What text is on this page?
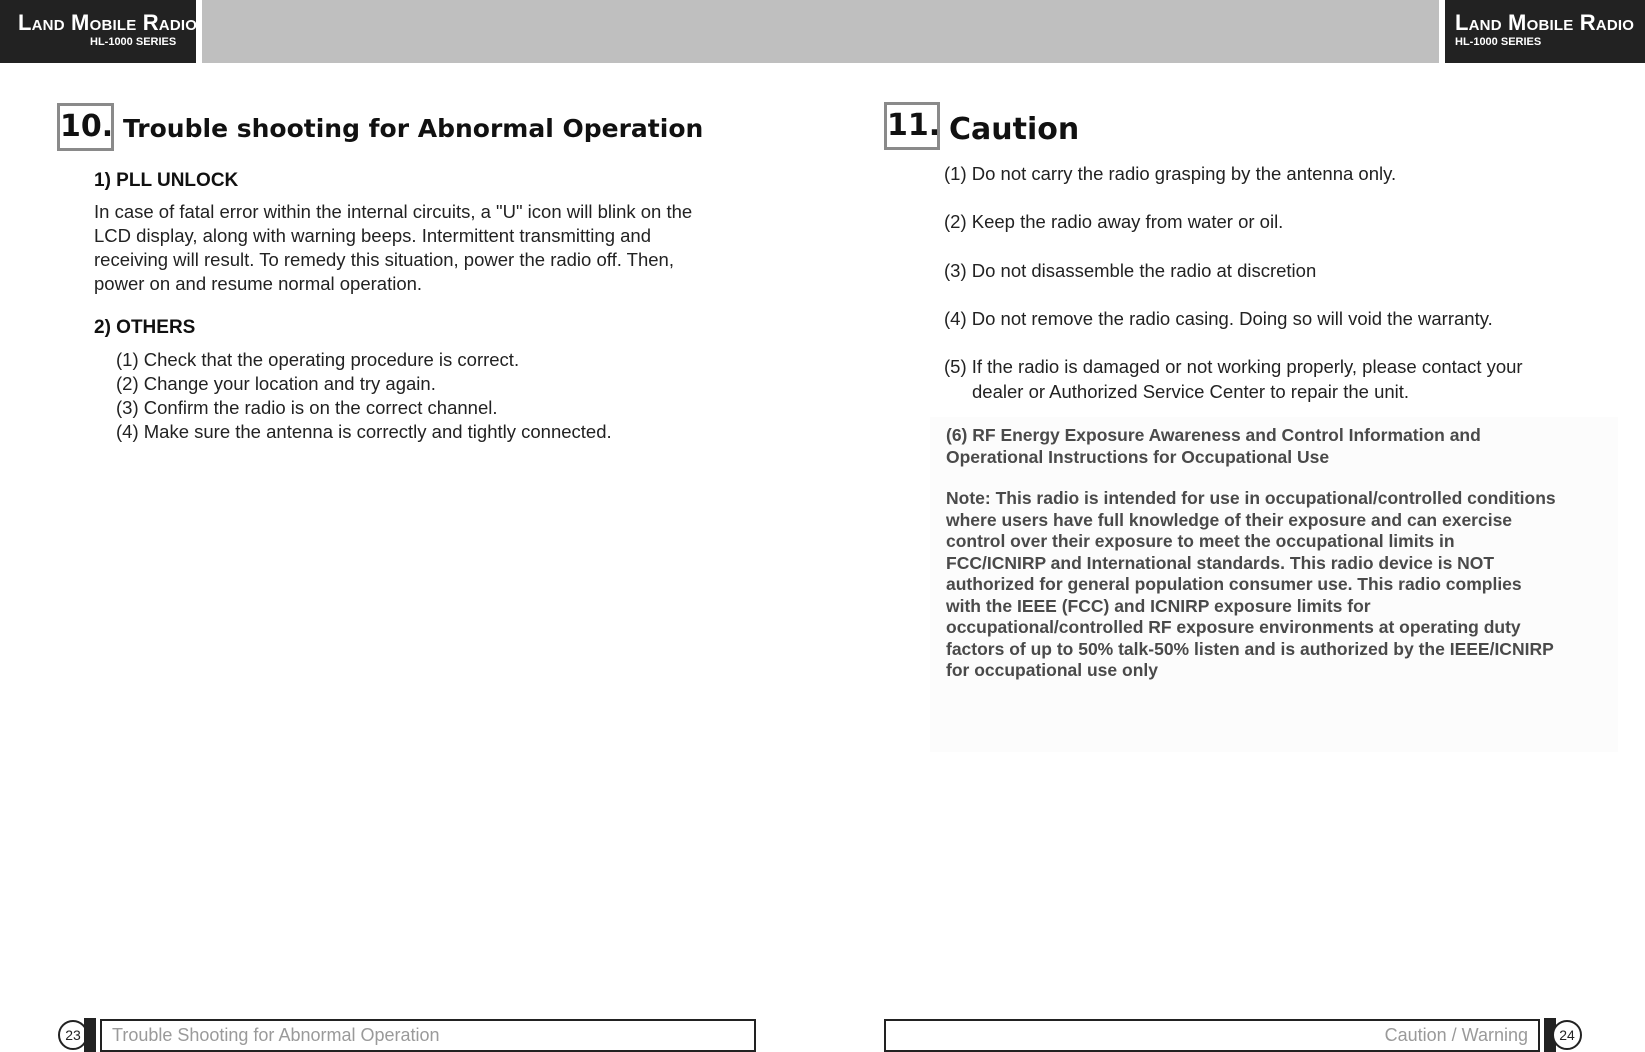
Land Mobile Radio
HL-1000 SERIES
Land Mobile Radio
HL-1000 SERIES
10. Trouble shooting for Abnormal Operation
1) PLL UNLOCK
In case of fatal error within the internal circuits, a "U" icon will blink on the
LCD display, along with warning beeps. Intermittent transmitting and
receiving will result. To remedy this situation, power the radio off. Then,
power on and resume normal operation.
2) OTHERS
(1) Check that the operating procedure is correct.
(2) Change your location and try again.
(3) Confirm the radio is on the correct channel.
(4) Make sure the antenna is correctly and tightly connected.
23	Trouble Shooting for Abnormal Operation
11. Caution
(1) Do not carry the radio grasping by the antenna only.
(2) Keep the radio away from water or oil.
(3) Do not disassemble the radio at discretion
(4) Do not remove the radio casing. Doing so will void the warranty.
(5) If the radio is damaged or not working properly, please contact your
dealer or Authorized Service Center to repair the unit.
(6) RF Energy Exposure Awareness and Control Information and
Operational Instructions for Occupational Use
Note: This radio is intended for use in occupational/controlled conditions
where users have full knowledge of their exposure and can exercise
control over their exposure to meet the occupational limits in
FCC/ICNIRP and International standards. This radio device is NOT
authorized for general population consumer use. This radio complies
with the IEEE (FCC) and ICNIRP exposure limits for
occupational/controlled RF exposure environments at operating duty
factors of up to 50% talk-50% listen and is authorized by the IEEE/ICNIRP
for occupational use only
Caution / Warning	24
